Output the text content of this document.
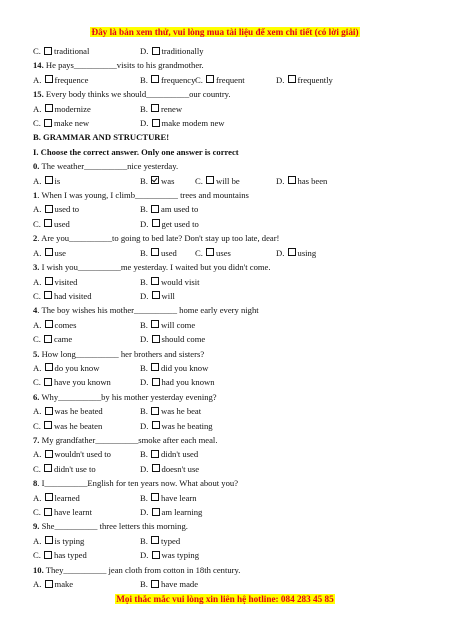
Đây là bản xem thử, vui lòng mua tài liệu để xem chi tiết (có lời giải)
C. traditional	D. traditionally
14. He pays__________visits to his grandmother.
A. frequence	B. frequency C. frequent	D. frequently
15. Every body thinks we should__________our country.
A. modernize	B. renew
C. make new	D. make modem new
B. GRAMMAR AND STRUCTURE!
I. Choose the correct answer. Only one answer is correct
0. The weather__________nice yesterday.
A. is	B. was C. will be	D. has been
1. When I was young, I climb__________ trees and mountains
A. used to	B. am used to
C. used	D. get used to
2. Are you__________to going to bed late? Don't stay up too late, dear!
A. use	B. used C. uses	D. using
3. I wish you__________me yesterday. I waited but you didn't come.
A. visited	B. would visit
C. had visited	D. will
4. The boy wishes his mother__________ home early every night
A. comes	B. will come
C. came	D. should come
5. How long__________ her brothers and sisters?
A. do you know	B. did you know
C. have you known	D. had you known
6. Why__________by his mother yesterday evening?
A. was he beated	B. was he beat
C. was he beaten	D. was he beating
7. My grandfather__________smoke after each meal.
A. wouldn't used to	B. didn't used
C. didn't use to	D. doesn't use
8. I__________English for ten years now. What about you?
A. learned	B. have learn
C. have learnt	D. am learning
9. She__________ three letters this morning.
A. is typing	B. typed
C. has typed	D. was typing
10. They__________ jean cloth from cotton in 18th century.
A. make	B. have made
Mọi thắc mắc vui lòng xin liên hệ hotline: 084 283 45 85
